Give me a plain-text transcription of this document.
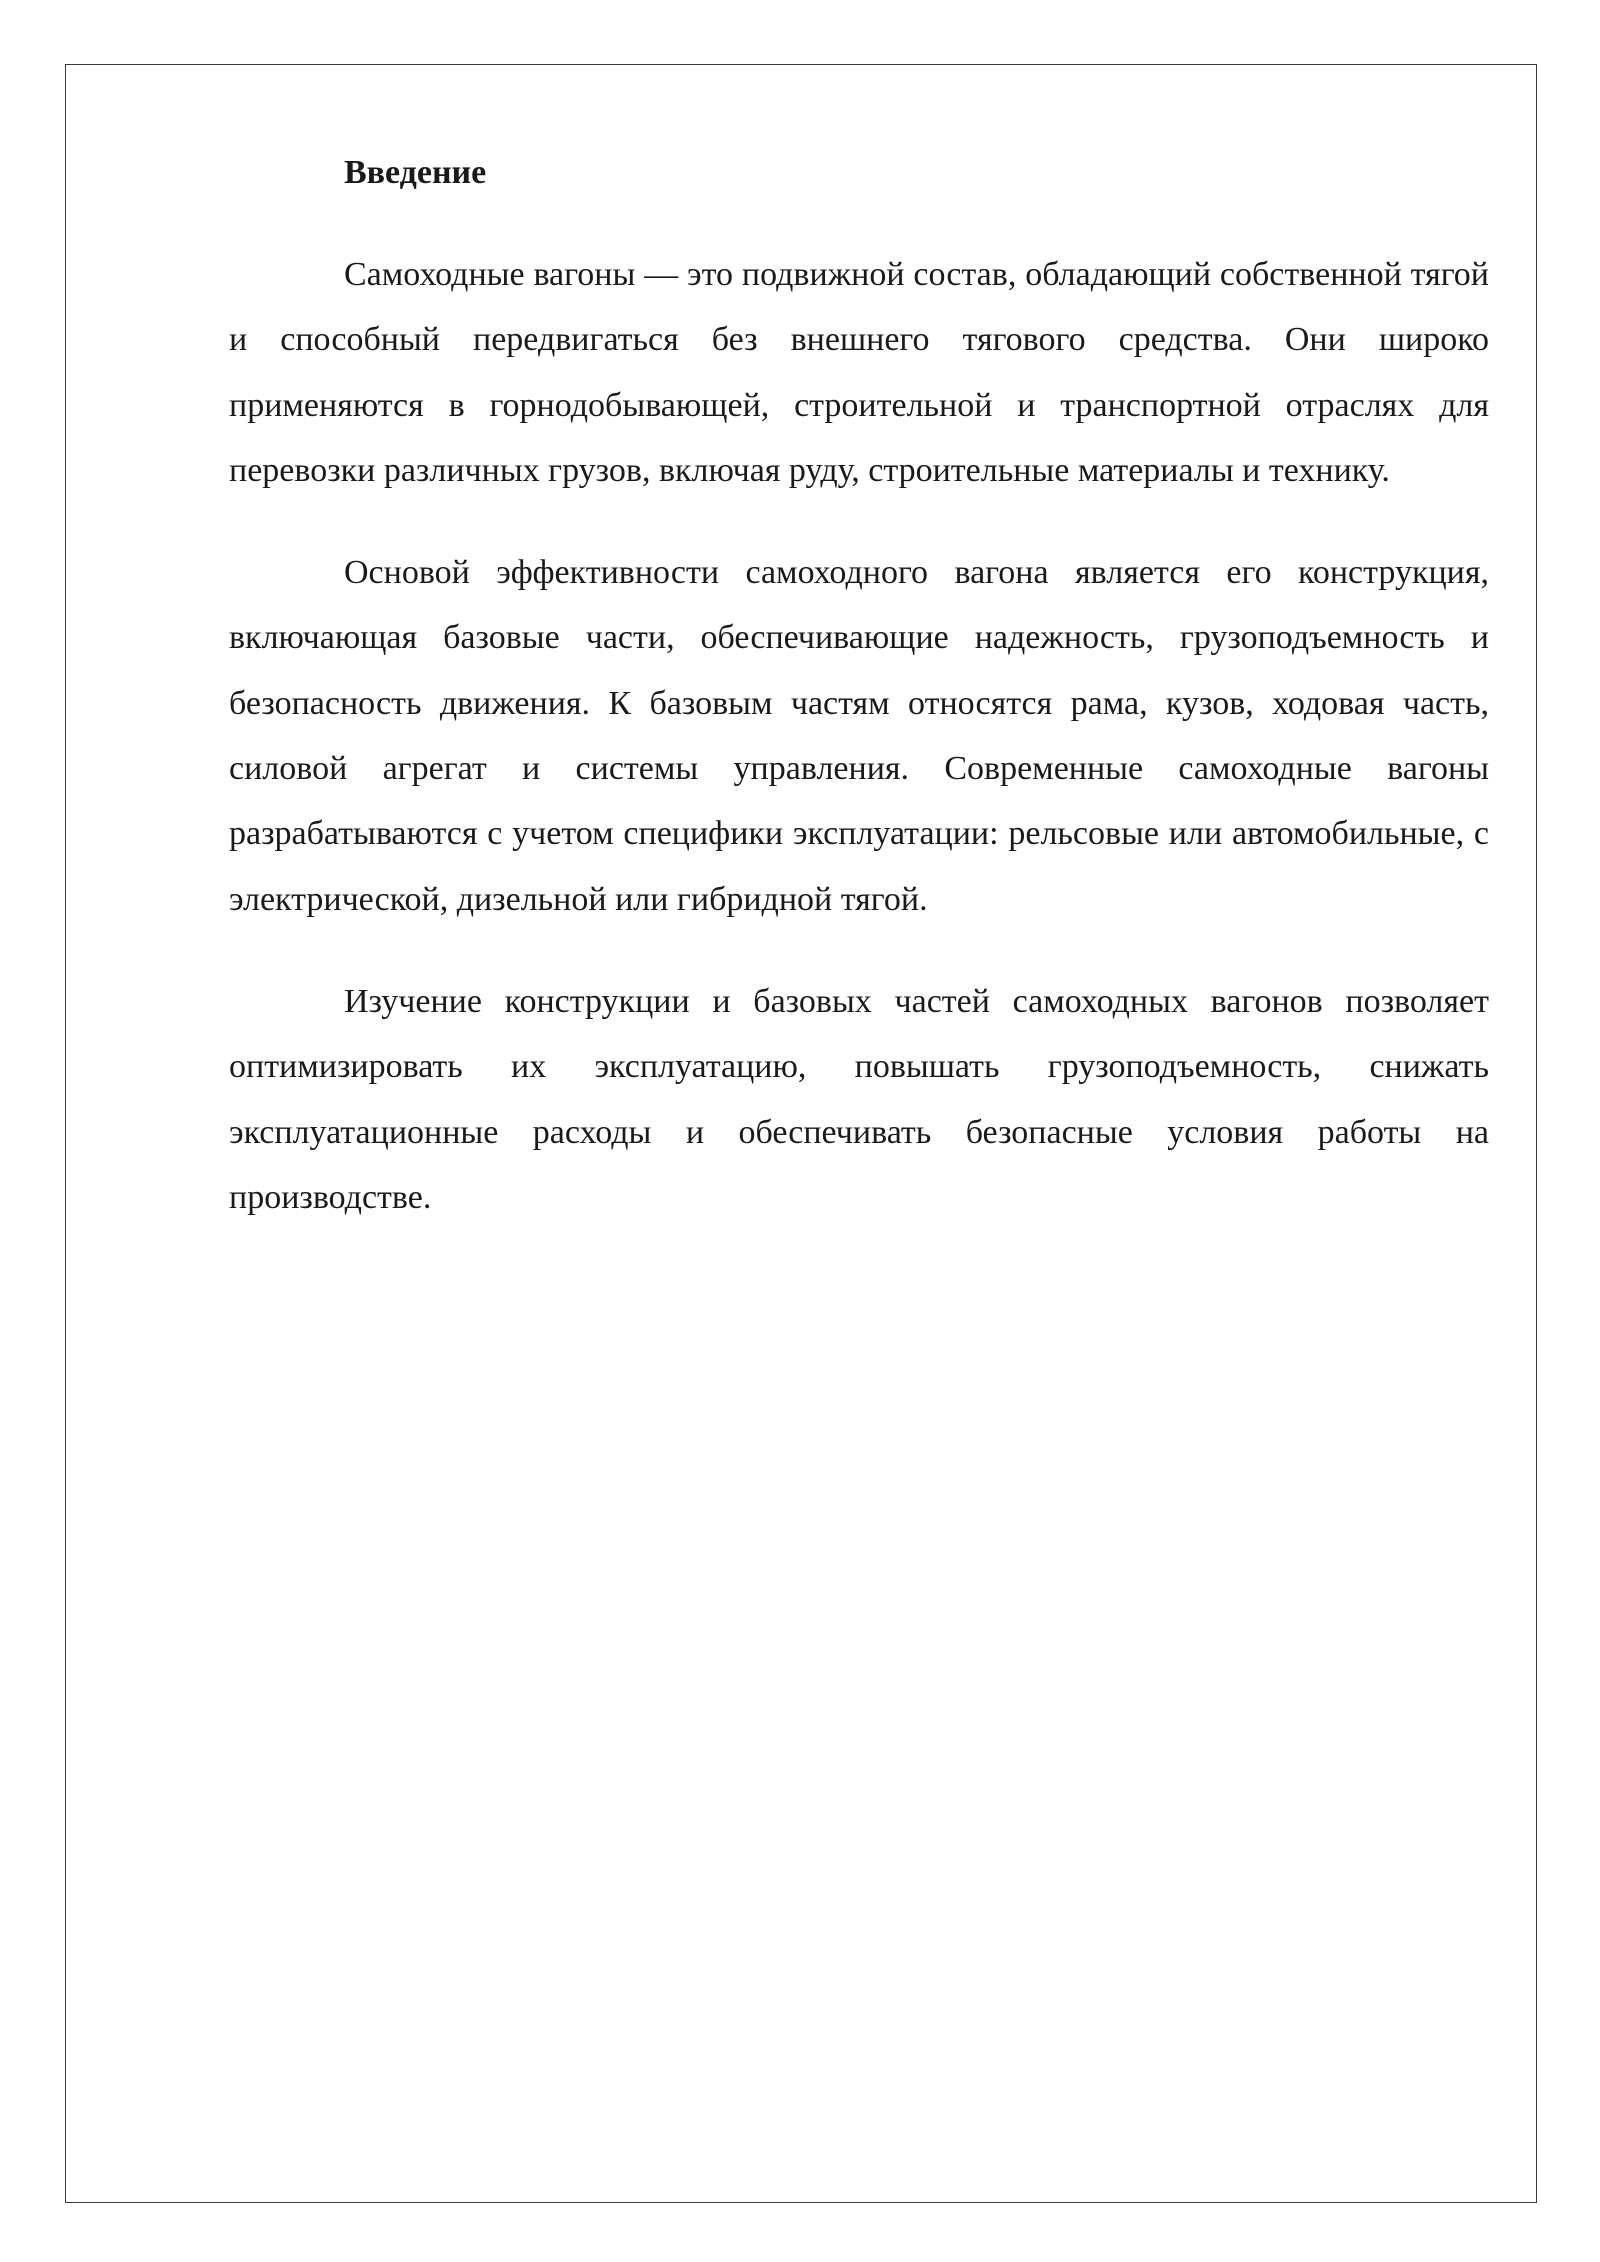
Введение

Самоходные вагоны — это подвижной состав, обладающий собственной тягой и способный передвигаться без внешнего тягового средства. Они широко применяются в горнодобывающей, строительной и транспортной отраслях для перевозки различных грузов, включая руду, строительные материалы и технику.

Основой эффективности самоходного вагона является его конструкция, включающая базовые части, обеспечивающие надежность, грузоподъемность и безопасность движения. К базовым частям относятся рама, кузов, ходовая часть, силовой агрегат и системы управления. Современные самоходные вагоны разрабатываются с учетом специфики эксплуатации: рельсовые или автомобильные, с электрической, дизельной или гибридной тягой.

Изучение конструкции и базовых частей самоходных вагонов позволяет оптимизировать их эксплуатацию, повышать грузоподъемность, снижать эксплуатационные расходы и обеспечивать безопасные условия работы на производстве.
